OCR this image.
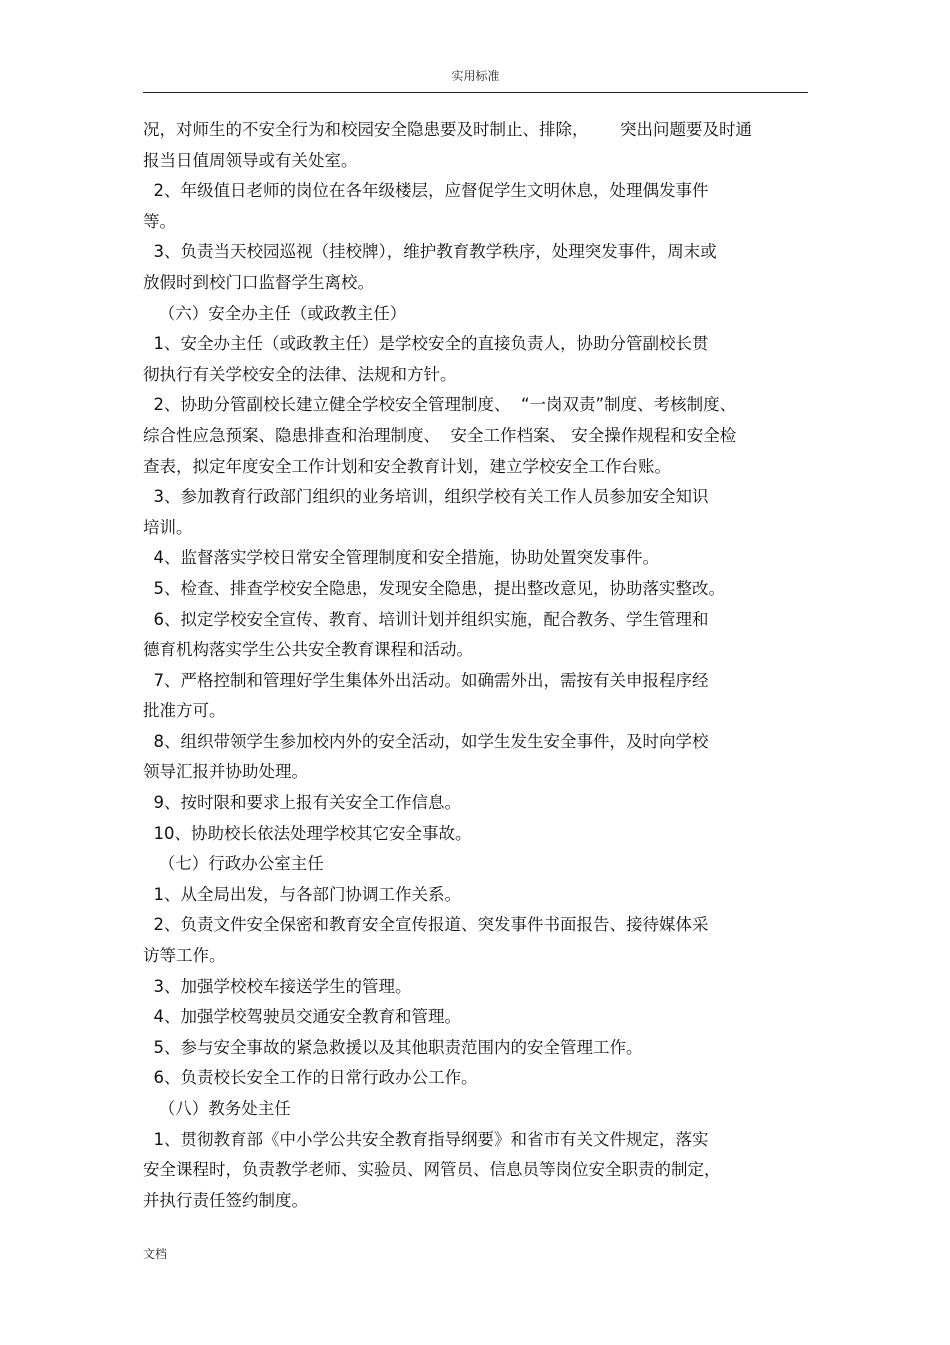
实用标准
况，对师生的不安全行为和校园安全隐患要及时制止、排除，      突出问题要及时通
报当日值周领导或有关处室。
2、年级值日老师的岗位在各年级楼层，应督促学生文明休息，处理偶发事件
等。
3、负责当天校园巡视（挂校牌），维护教育教学秩序，处理突发事件，周末或
放假时到校门口监督学生离校。
（六）安全办主任（或政教主任）
1、安全办主任（或政教主任）是学校安全的直接负责人，协助分管副校长贯
彻执行有关学校安全的法律、法规和方针。
2、协助分管副校长建立健全学校安全管理制度、  “一岗双责”制度、考核制度、
综合性应急预案、隐患排查和治理制度、  安全工作档案、 安全操作规程和安全检
查表，拟定年度安全工作计划和安全教育计划，建立学校安全工作台账。
3、参加教育行政部门组织的业务培训，组织学校有关工作人员参加安全知识
培训。
4、监督落实学校日常安全管理制度和安全措施，协助处置突发事件。
5、检查、排查学校安全隐患，发现安全隐患，提出整改意见，协助落实整改。
6、拟定学校安全宣传、教育、培训计划并组织实施，配合教务、学生管理和
德育机构落实学生公共安全教育课程和活动。
7、严格控制和管理好学生集体外出活动。如确需外出，需按有关申报程序经
批准方可。
8、组织带领学生参加校内外的安全活动，如学生发生安全事件，及时向学校
领导汇报并协助处理。
9、按时限和要求上报有关安全工作信息。
10、协助校长依法处理学校其它安全事故。
（七）行政办公室主任
1、从全局出发，与各部门协调工作关系。
2、负责文件安全保密和教育安全宣传报道、突发事件书面报告、接待媒体采
访等工作。
3、加强学校校车接送学生的管理。
4、加强学校驾驶员交通安全教育和管理。
5、参与安全事故的紧急救援以及其他职责范围内的安全管理工作。
6、负责校长安全工作的日常行政办公工作。
（八）教务处主任
1、贯彻教育部《中小学公共安全教育指导纲要》和省市有关文件规定，落实
安全课程时，负责教学老师、实验员、网管员、信息员等岗位安全职责的制定，
并执行责任签约制度。
文档
